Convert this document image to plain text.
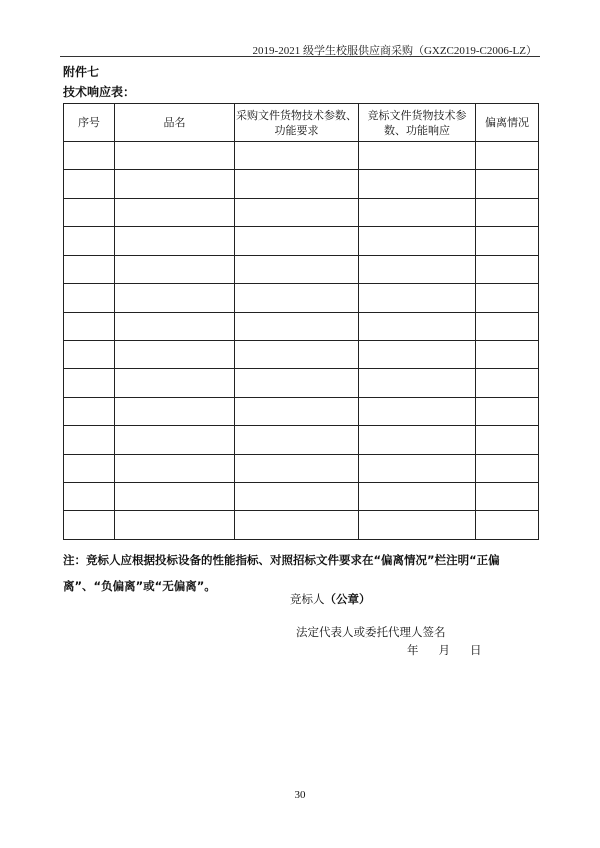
2019-2021 级学生校服供应商采购（GXZC2019-C2006-LZ）
附件七
技术响应表：
序号	品名	采购文件货物技术参数、功能要求	竞标文件货物技术参数、功能响应	偏离情况

注：竞标人应根据投标设备的性能指标、对照招标文件要求在“偏离情况”栏注明“正偏离”、“负偏离”或“无偏离”。
竞标人（公章）
法定代表人或委托代理人签名
年 月 日
30
